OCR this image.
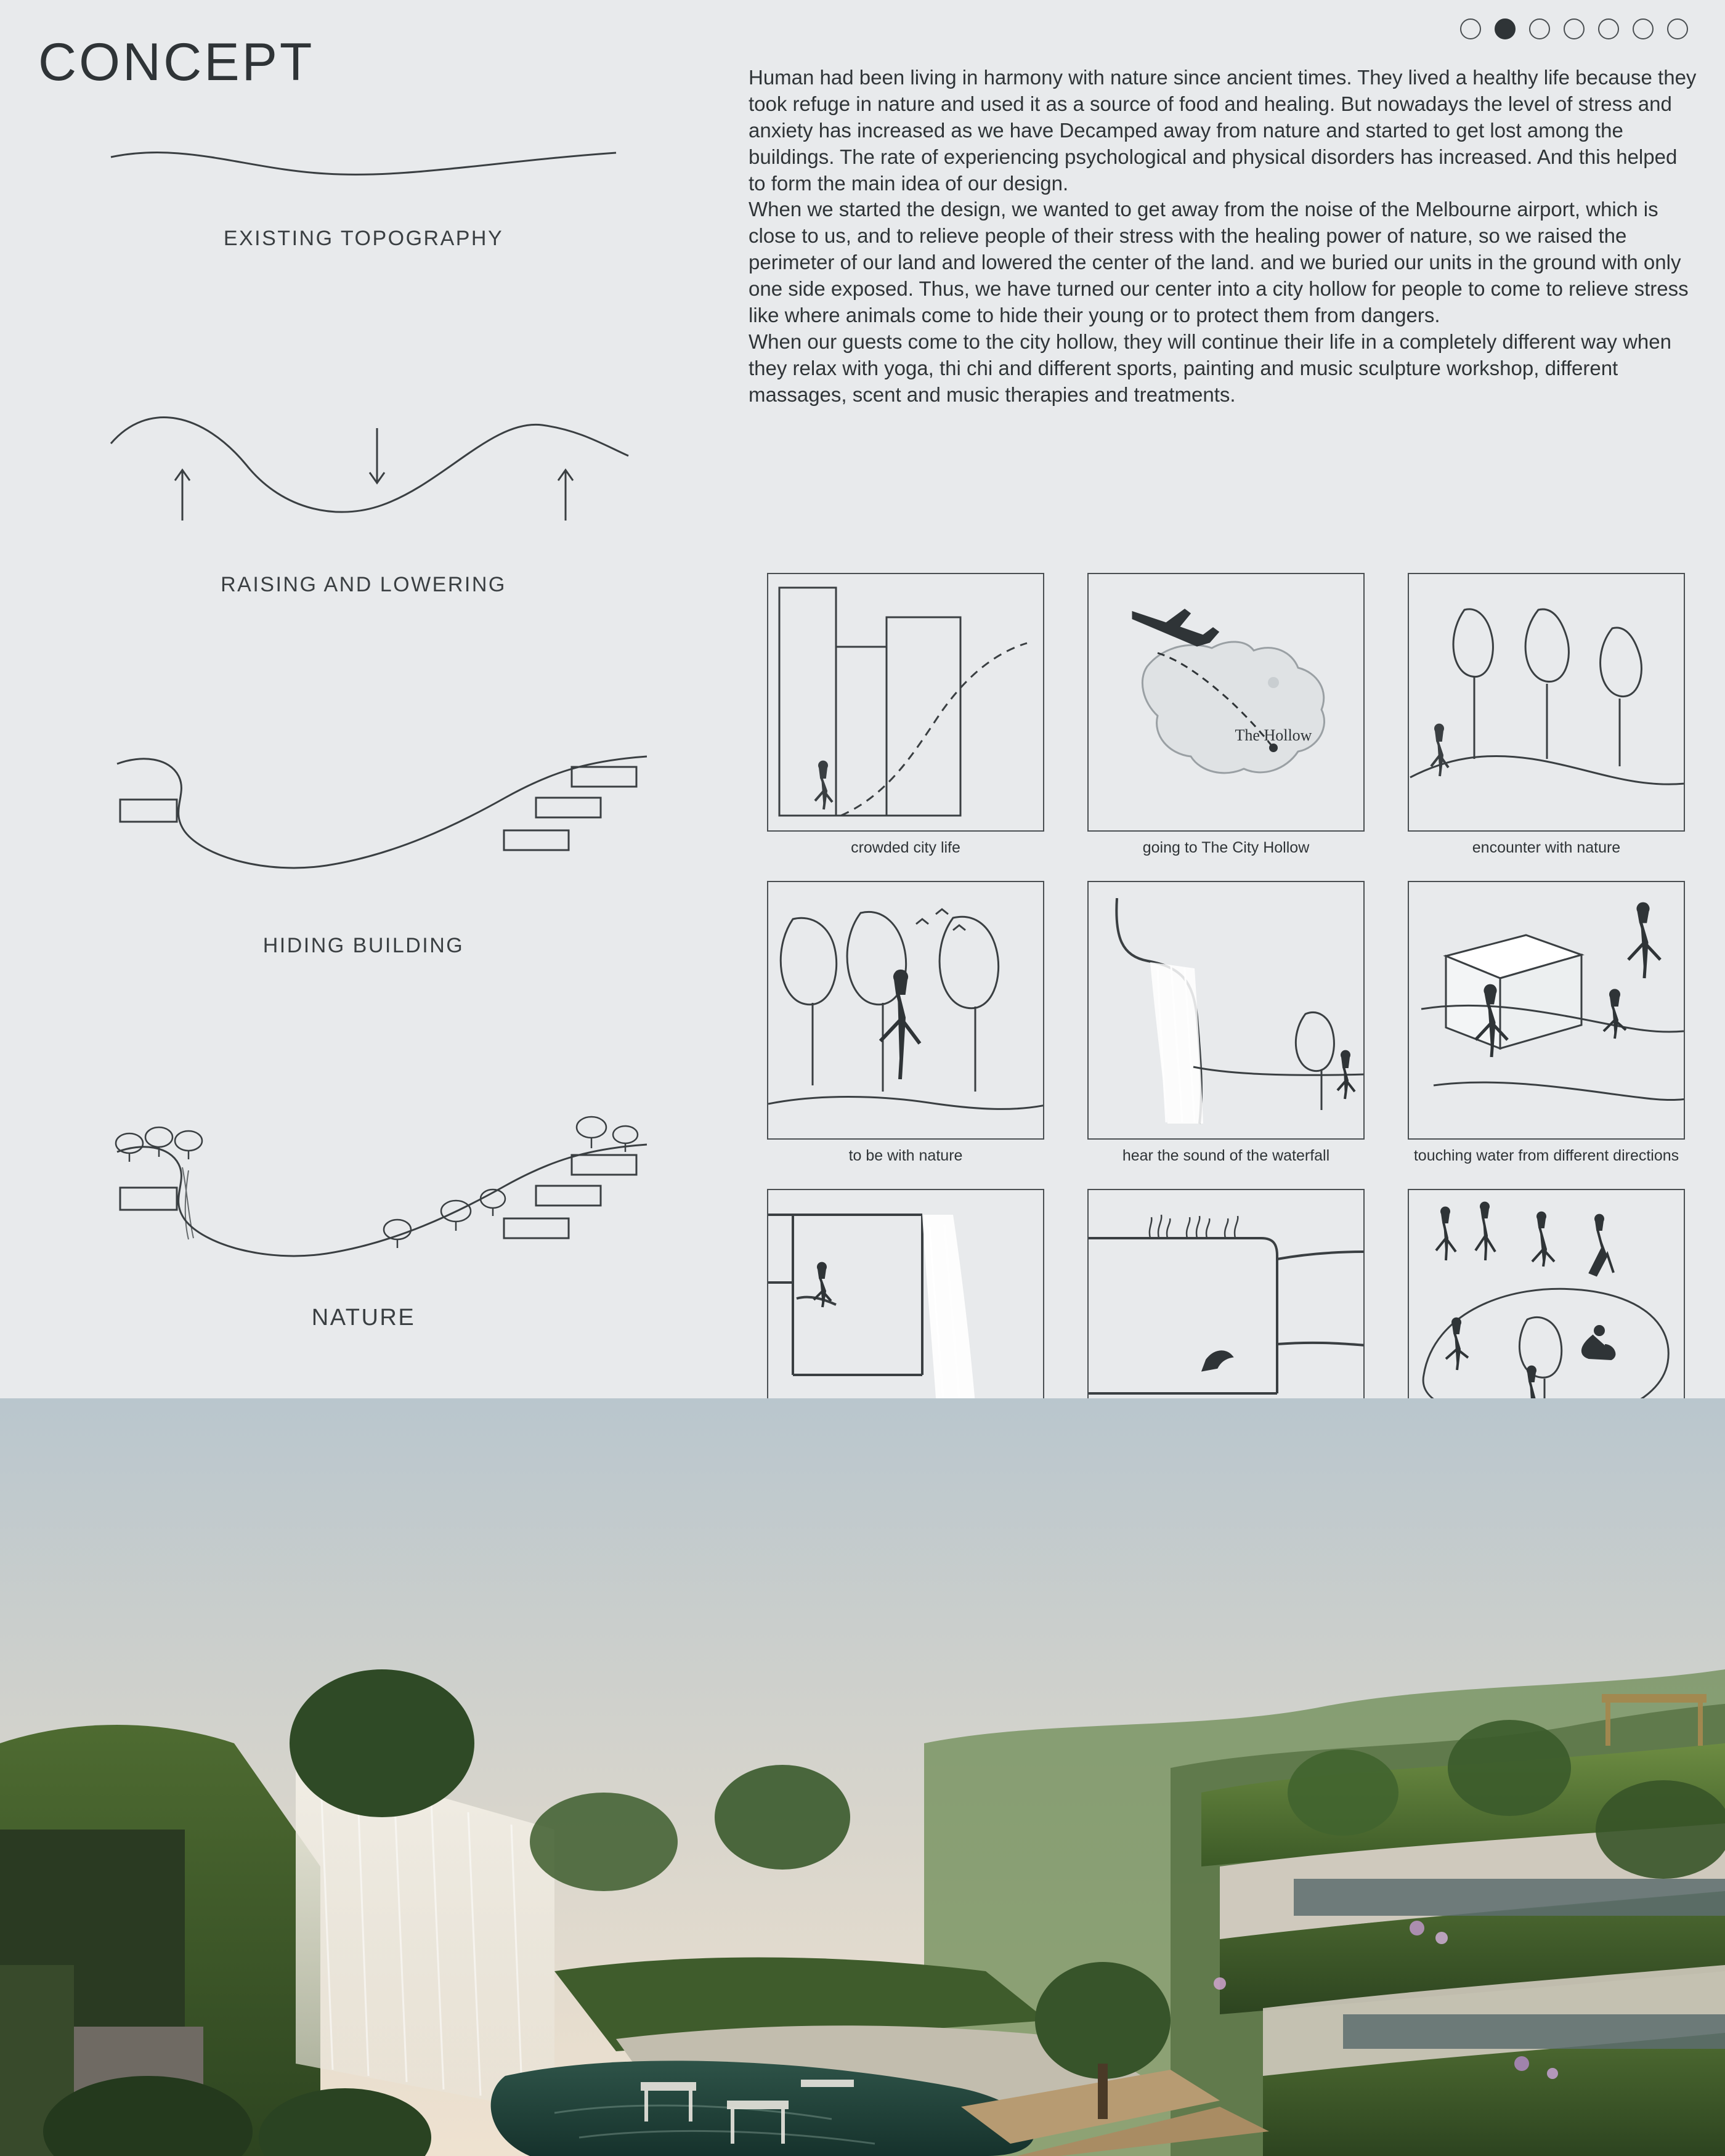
CONCEPT
EXISTING TOPOGRAPHY
RAISING AND LOWERING
HIDING BUILDING
NATURE

Human had been living in harmony with nature since ancient times. They lived a healthy life because they took refuge in nature and used it as a source of food and healing. But nowadays the level of stress and anxiety has increased as we have Decamped away from nature and started to get lost among the buildings. The rate of experiencing psychological and physical disorders has increased. And this helped to form the main idea of our design.

When we started the design, we wanted to get away from the noise of the Melbourne airport, which is close to us, and to relieve people of their stress with the healing power of nature, so we raised the perimeter of our land and lowered the center of the land. and we buried our units in the ground with only one side exposed. Thus, we have turned our center into a city hollow for people to come to relieve stress like where animals come to hide their young or to protect them from dangers.

When our guests come to the city hollow, they will continue their life in a completely different way when they relax with yoga, thi chi and different sports, painting and music sculpture workshop, different massages, scent and music therapies and treatments.

crowded city life
The Hollow
going to The City Hollow	encounter with nature
to be with nature	hear the sound of the waterfall	touching water from different directions
